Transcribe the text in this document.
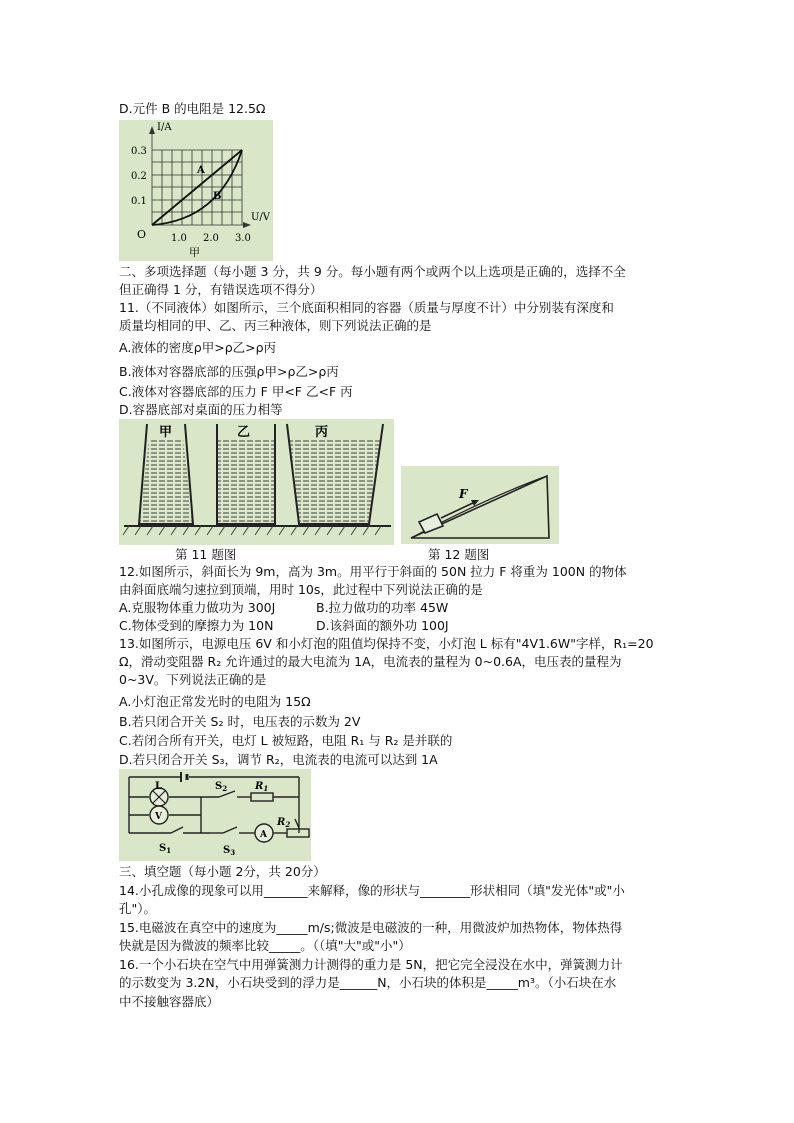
D.元件 B 的电阻是 12.5Ω
I/A
U/V
0.3
0.2
0.1
O 1.0 2.0 3.0
A
B
甲
二、多项选择题（每小题 3 分，共 9 分。每小题有两个或两个以上选项是正确的，选择不全
但正确得 1 分，有错误选项不得分）
11.（不同液体）如图所示，三个底面积相同的容器（质量与厚度不计）中分别装有深度和
质量均相同的甲、乙、丙三种液体，则下列说法正确的是
A.液体的密度ρ甲>ρ乙>ρ丙
B.液体对容器底部的压强ρ甲>ρ乙>ρ丙
C.液体对容器底部的压力 F 甲<F 乙<F 丙
D.容器底部对桌面的压力相等
甲	乙	丙
F
第 11 题图	第 12 题图
12.如图所示，斜面长为 9m，高为 3m。用平行于斜面的 50N 拉力 F 将重为 100N 的物体
由斜面底端匀速拉到顶端，用时 10s，此过程中下列说法正确的是
A.克服物体重力做功为 300J	B.拉力做功的功率 45W
C.物体受到的摩擦力为 10N	D.该斜面的额外功 100J
13.如图所示，电源电压 6V 和小灯泡的阻值均保持不变，小灯泡 L 标有"4V1.6W"字样，R₁=20
Ω，滑动变阻器 R₂ 允许通过的最大电流为 1A，电流表的量程为 0~0.6A，电压表的量程为
0~3V。下列说法正确的是
A.小灯泡正常发光时的电阻为 15Ω
B.若只闭合开关 S₂ 时，电压表的示数为 2V
C.若闭合所有开关，电灯 L 被短路，电阻 R₁ 与 R₂ 是并联的
D.若只闭合开关 S₃，调节 R₂，电流表的电流可以达到 1A
L
V
A
$S_2$	$R_1$
$S_1$	$S_3$
$R_2$
三、填空题（每小题 2分，共 20分）
14.小孔成像的现象可以用_______来解释，像的形状与________形状相同（填"发光体"或"小
孔"）。
15.电磁波在真空中的速度为_____m/s;微波是电磁波的一种，用微波炉加热物体，物体热得
快就是因为微波的频率比较_____。（（填"大"或"小"）
16.一个小石块在空气中用弹簧测力计测得的重力是 5N，把它完全浸没在水中，弹簧测力计
的示数变为 3.2N，小石块受到的浮力是______N，小石块的体积是_____m³。（小石块在水
中不接触容器底）
